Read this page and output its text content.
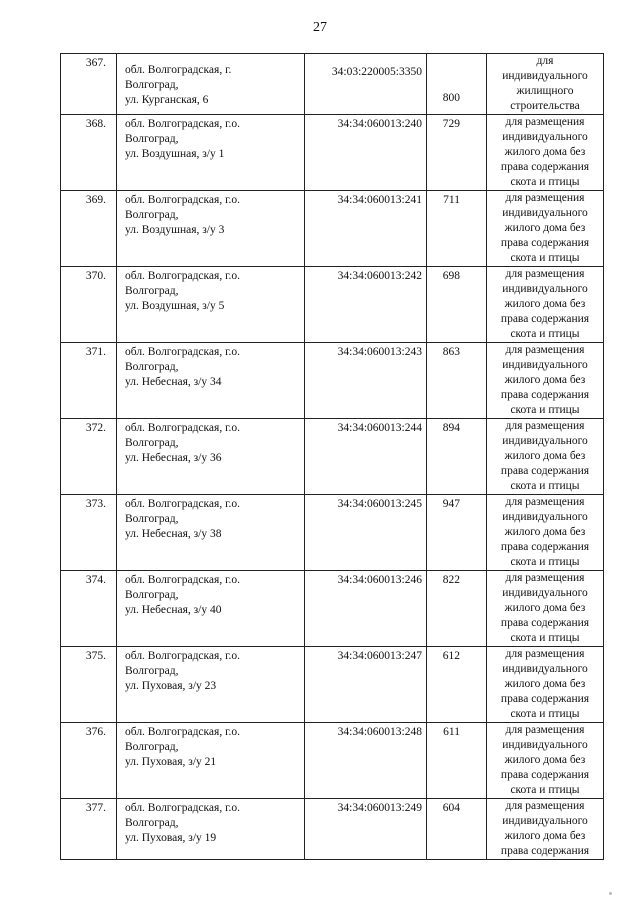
27
367.	обл. Волгоградская, г.
Волгоград,
ул. Курганская, 6	34:03:220005:3350	800	для
индивидуального
жилищного
строительства

368.	обл. Волгоградская, г.о.
Волгоград,
ул. Воздушная, з/у 1	34:34:060013:240	729	для размещения
индивидуального
жилого дома без
права содержания
скота и птицы

369.	обл. Волгоградская, г.о.
Волгоград,
ул. Воздушная, з/у 3	34:34:060013:241	711	для размещения
индивидуального
жилого дома без
права содержания
скота и птицы

370.	обл. Волгоградская, г.о.
Волгоград,
ул. Воздушная, з/у 5	34:34:060013:242	698	для размещения
индивидуального
жилого дома без
права содержания
скота и птицы

371.	обл. Волгоградская, г.о.
Волгоград,
ул. Небесная, з/у 34	34:34:060013:243	863	для размещения
индивидуального
жилого дома без
права содержания
скота и птицы

372.	обл. Волгоградская, г.о.
Волгоград,
ул. Небесная, з/у 36	34:34:060013:244	894	для размещения
индивидуального
жилого дома без
права содержания
скота и птицы

373.	обл. Волгоградская, г.о.
Волгоград,
ул. Небесная, з/у 38	34:34:060013:245	947	для размещения
индивидуального
жилого дома без
права содержания
скота и птицы

374.	обл. Волгоградская, г.о.
Волгоград,
ул. Небесная, з/у 40	34:34:060013:246	822	для размещения
индивидуального
жилого дома без
права содержания
скота и птицы

375.	обл. Волгоградская, г.о.
Волгоград,
ул. Пуховая, з/у 23	34:34:060013:247	612	для размещения
индивидуального
жилого дома без
права содержания
скота и птицы

376.	обл. Волгоградская, г.о.
Волгоград,
ул. Пуховая, з/у 21	34:34:060013:248	611	для размещения
индивидуального
жилого дома без
права содержания
скота и птицы

377.	обл. Волгоградская, г.о.
Волгоград,
ул. Пуховая, з/у 19	34:34:060013:249	604	для размещения
индивидуального
жилого дома без
права содержания
